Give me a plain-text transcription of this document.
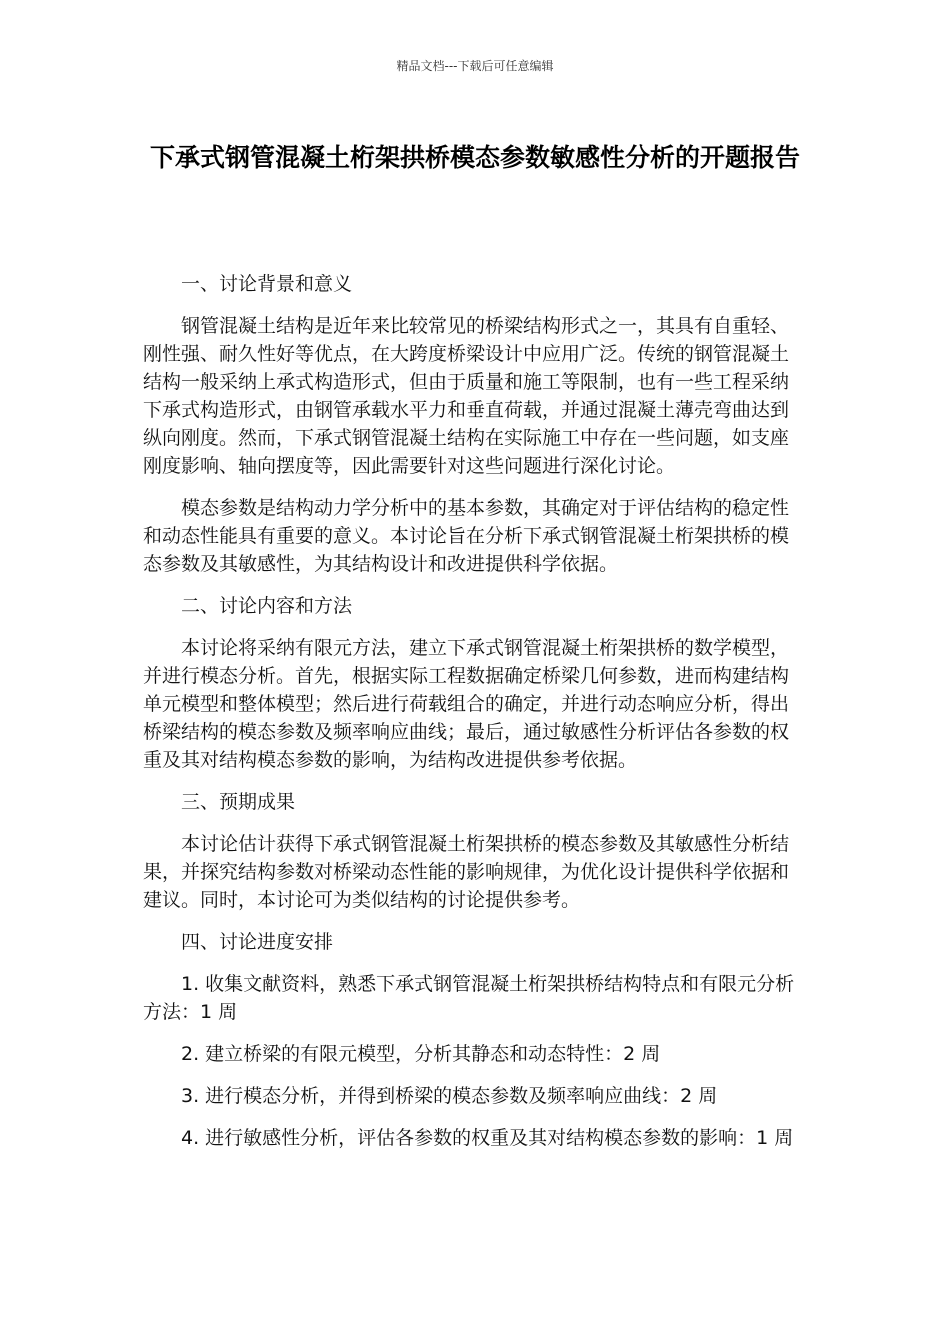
精品文档---下载后可任意编辑
下承式钢管混凝土桁架拱桥模态参数敏感性分析的开题报告
一、讨论背景和意义

钢管混凝土结构是近年来比较常见的桥梁结构形式之一，其具有自重轻、刚性强、耐久性好等优点，在大跨度桥梁设计中应用广泛。传统的钢管混凝土结构一般采纳上承式构造形式，但由于质量和施工等限制，也有一些工程采纳下承式构造形式，由钢管承载水平力和垂直荷载，并通过混凝土薄壳弯曲达到纵向刚度。然而，下承式钢管混凝土结构在实际施工中存在一些问题，如支座刚度影响、轴向摆度等，因此需要针对这些问题进行深化讨论。

模态参数是结构动力学分析中的基本参数，其确定对于评估结构的稳定性和动态性能具有重要的意义。本讨论旨在分析下承式钢管混凝土桁架拱桥的模态参数及其敏感性，为其结构设计和改进提供科学依据。

二、讨论内容和方法

本讨论将采纳有限元方法，建立下承式钢管混凝土桁架拱桥的数学模型，并进行模态分析。首先，根据实际工程数据确定桥梁几何参数，进而构建结构单元模型和整体模型；然后进行荷载组合的确定，并进行动态响应分析，得出桥梁结构的模态参数及频率响应曲线；最后，通过敏感性分析评估各参数的权重及其对结构模态参数的影响，为结构改进提供参考依据。

三、预期成果

本讨论估计获得下承式钢管混凝土桁架拱桥的模态参数及其敏感性分析结果，并探究结构参数对桥梁动态性能的影响规律，为优化设计提供科学依据和建议。同时，本讨论可为类似结构的讨论提供参考。

四、讨论进度安排

1. 收集文献资料，熟悉下承式钢管混凝土桁架拱桥结构特点和有限元分析方法：1 周

2. 建立桥梁的有限元模型，分析其静态和动态特性：2 周

3. 进行模态分析，并得到桥梁的模态参数及频率响应曲线：2 周

4. 进行敏感性分析，评估各参数的权重及其对结构模态参数的影响：1 周
